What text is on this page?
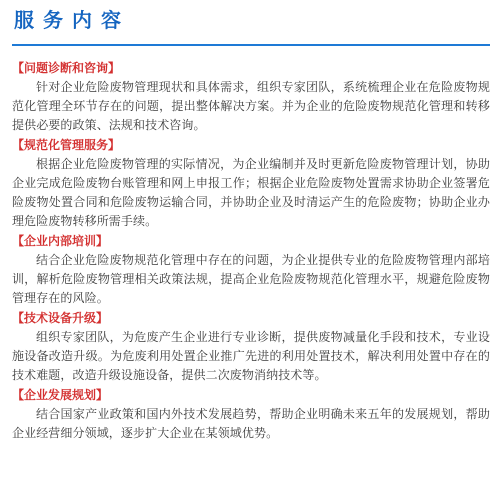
服务内容
【问题诊断和咨询】
针对企业危险废物管理现状和具体需求，组织专家团队，系统梳理企业在危险废物规范化管理全环节存在的问题，提出整体解决方案。并为企业的危险废物规范化管理和转移提供必要的政策、法规和技术咨询。
【规范化管理服务】
根据企业危险废物管理的实际情况，为企业编制并及时更新危险废物管理计划，协助企业完成危险废物台账管理和网上申报工作；根据企业危险废物处置需求协助企业签署危险废物处置合同和危险废物运输合同，并协助企业及时清运产生的危险废物；协助企业办理危险废物转移所需手续。
【企业内部培训】
结合企业危险废物规范化管理中存在的问题，为企业提供专业的危险废物管理内部培训，解析危险废物管理相关政策法规，提高企业危险废物规范化管理水平，规避危险废物管理存在的风险。
【技术设备升级】
组织专家团队，为危废产生企业进行专业诊断，提供废物减量化手段和技术，专业设施设备改造升级。为危废利用处置企业推广先进的利用处置技术，解决利用处置中存在的技术难题，改造升级设施设备，提供二次废物消纳技术等。
【企业发展规划】
结合国家产业政策和国内外技术发展趋势，帮助企业明确未来五年的发展规划，帮助企业经营细分领域，逐步扩大企业在某领域优势。
